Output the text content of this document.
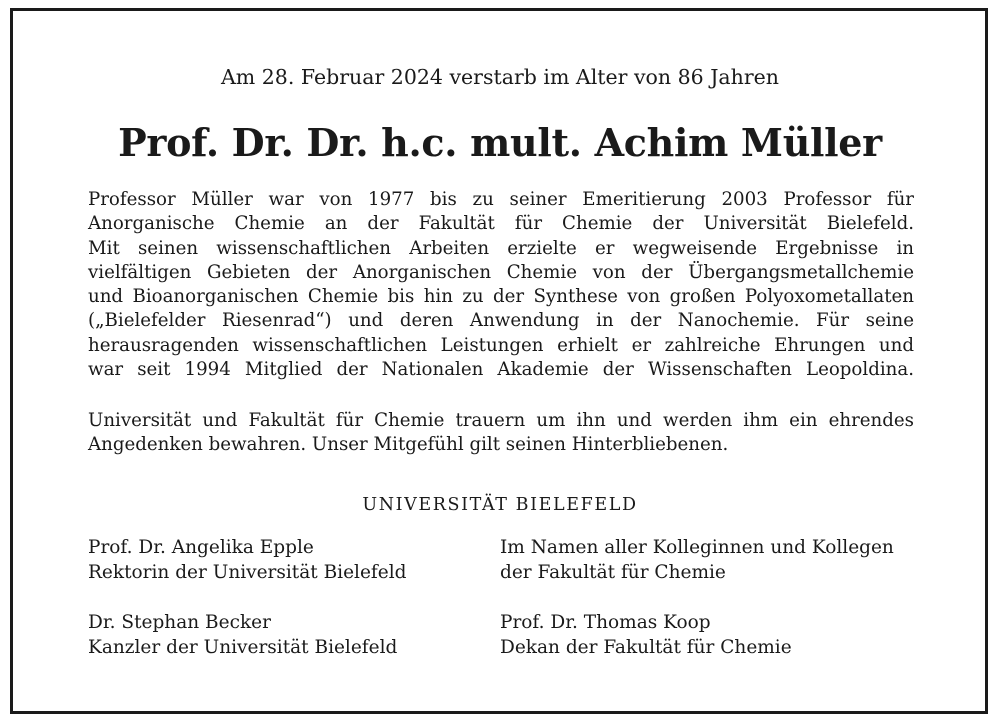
Am 28. Februar 2024 verstarb im Alter von 86 Jahren
Prof. Dr. Dr. h.c. mult. Achim Müller
Professor Müller war von 1977 bis zu seiner Emeritierung 2003 Professor für
Anorganische Chemie an der Fakultät für Chemie der Universität Bielefeld.
Mit seinen wissenschaftlichen Arbeiten erzielte er wegweisende Ergebnisse in
vielfältigen Gebieten der Anorganischen Chemie von der Übergangsmetallchemie
und Bioanorganischen Chemie bis hin zu der Synthese von großen Polyoxometallaten
(„Bielefelder Riesenrad“) und deren Anwendung in der Nanochemie. Für seine
herausragenden wissenschaftlichen Leistungen erhielt er zahlreiche Ehrungen und
war seit 1994 Mitglied der Nationalen Akademie der Wissenschaften Leopoldina.
Universität und Fakultät für Chemie trauern um ihn und werden ihm ein ehrendes
Angedenken bewahren. Unser Mitgefühl gilt seinen Hinterbliebenen.
UNIVERSITÄT BIELEFELD
Prof. Dr. Angelika Epple
Rektorin der Universität Bielefeld
Im Namen aller Kolleginnen und Kollegen
der Fakultät für Chemie
Dr. Stephan Becker
Kanzler der Universität Bielefeld
Prof. Dr. Thomas Koop
Dekan der Fakultät für Chemie
